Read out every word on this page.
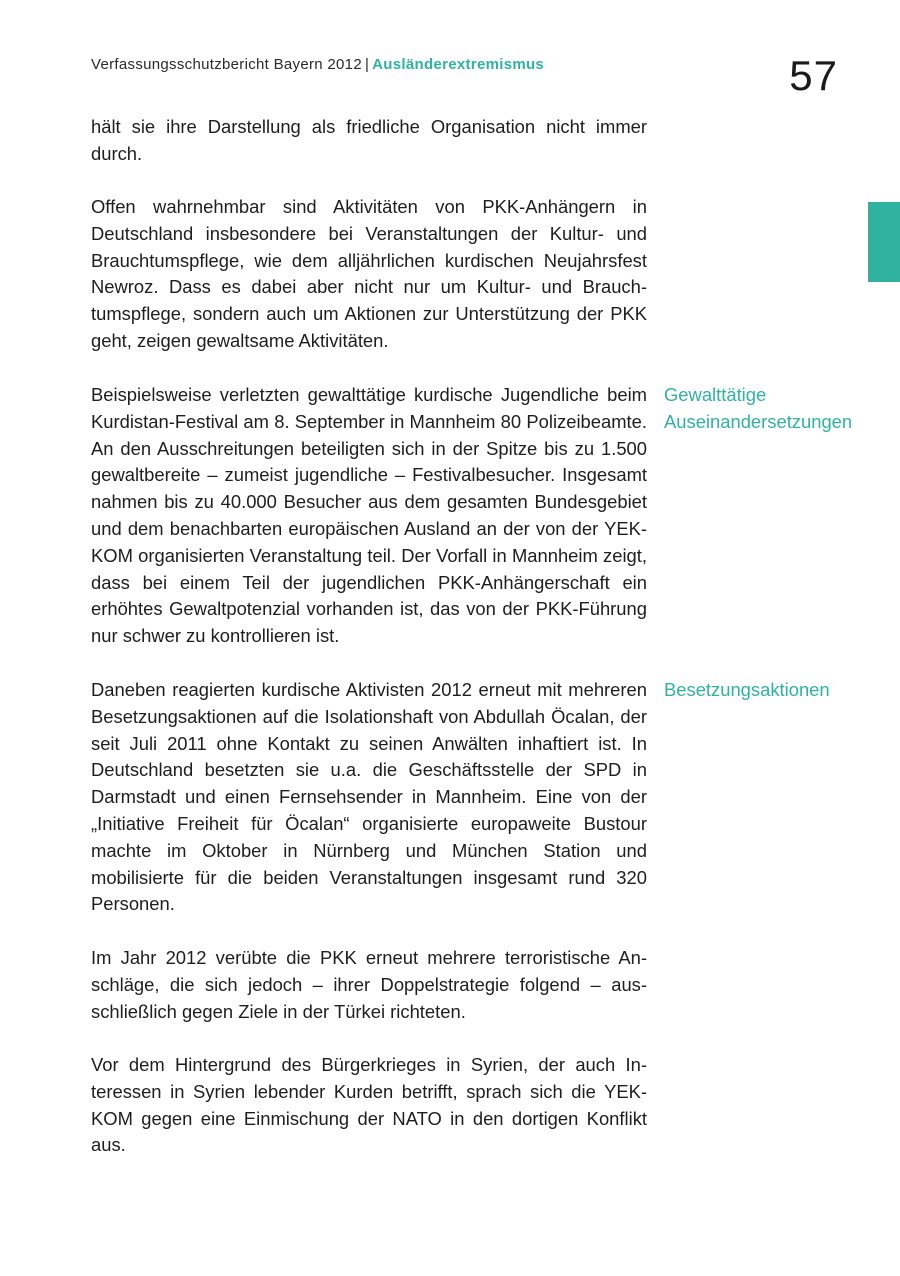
Verfassungsschutzbericht Bayern 2012 | Ausländerextremismus	57

hält sie ihre Darstellung als friedliche Organisation nicht immer durch.

Offen wahrnehmbar sind Aktivitäten von PKK-Anhängern in Deutschland insbesondere bei Veranstaltungen der Kultur- und Brauchtumspflege, wie dem alljährlichen kurdischen Neujahrsfest Newroz. Dass es dabei aber nicht nur um Kultur- und Brauchtumspflege, sondern auch um Aktionen zur Unterstützung der PKK geht, zeigen gewaltsame Aktivitäten.

Beispielsweise verletzten gewalttätige kurdische Jugendliche beim Kurdistan-Festival am 8. September in Mannheim 80 Polizeibeamte. An den Ausschreitungen beteiligten sich in der Spitze bis zu 1.500 gewaltbereite – zumeist jugendliche – Festivalbesucher. Insgesamt nahmen bis zu 40.000 Besucher aus dem gesamten Bundesgebiet und dem benachbarten europäischen Ausland an der von der YEK-KOM organisierten Veranstaltung teil. Der Vorfall in Mannheim zeigt, dass bei einem Teil der jugendlichen PKK-Anhängerschaft ein erhöhtes Gewaltpotenzial vorhanden ist, das von der PKK-Führung nur schwer zu kontrollieren ist.

Daneben reagierten kurdische Aktivisten 2012 erneut mit mehreren Besetzungsaktionen auf die Isolationshaft von Abdullah Öcalan, der seit Juli 2011 ohne Kontakt zu seinen Anwälten inhaftiert ist. In Deutschland besetzten sie u.a. die Geschäftsstelle der SPD in Darmstadt und einen Fernsehsender in Mannheim. Eine von der „Initiative Freiheit für Öcalan“ organisierte europaweite Bustour machte im Oktober in Nürnberg und München Station und mobilisierte für die beiden Veranstaltungen insgesamt rund 320 Personen.

Im Jahr 2012 verübte die PKK erneut mehrere terroristische Anschläge, die sich jedoch – ihrer Doppelstrategie folgend – ausschließlich gegen Ziele in der Türkei richteten.

Vor dem Hintergrund des Bürgerkrieges in Syrien, der auch Interessen in Syrien lebender Kurden betrifft, sprach sich die YEK-KOM gegen eine Einmischung der NATO in den dortigen Konflikt aus.

Gewalttätige Auseinandersetzungen
Besetzungsaktionen
